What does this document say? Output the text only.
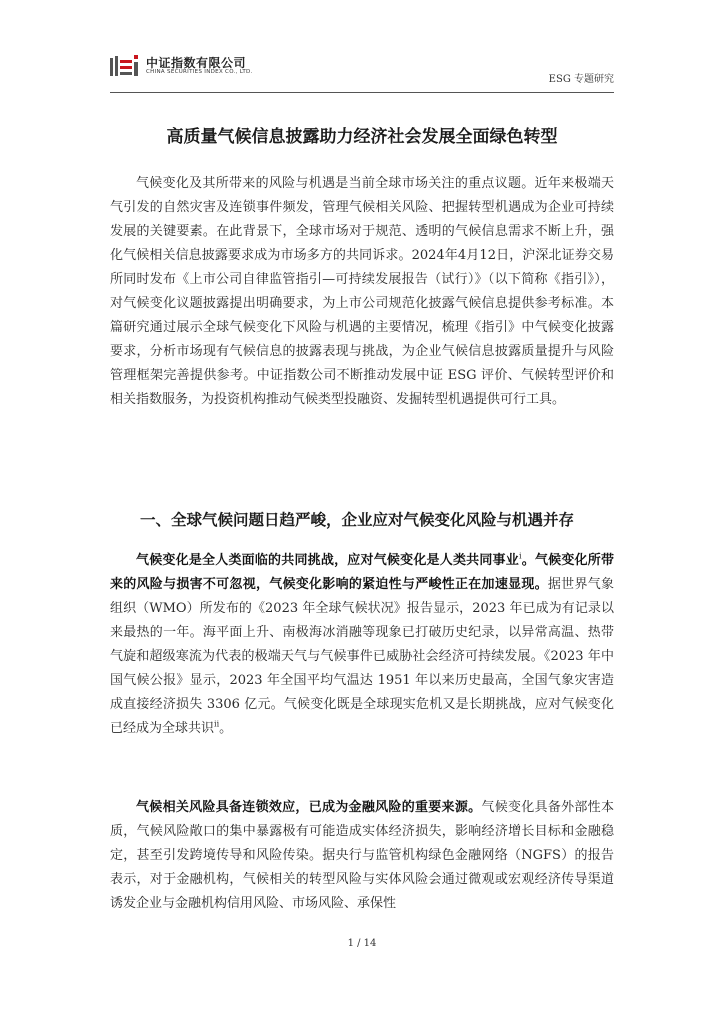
中证指数有限公司
CHINA SECURITIES INDEX CO., LTD.
ESG 专题研究
高质量气候信息披露助力经济社会发展全面绿色转型

气候变化及其所带来的风险与机遇是当前全球市场关注的重点议题。近年来极端天气引发的自然灾害及连锁事件频发，管理气候相关风险、把握转型机遇成为企业可持续发展的关键要素。在此背景下，全球市场对于规范、透明的气候信息需求不断上升，强化气候相关信息披露要求成为市场多方的共同诉求。2024年4月12日，沪深北证券交易所同时发布《上市公司自律监管指引—可持续发展报告（试行）》（以下简称《指引》），对气候变化议题披露提出明确要求，为上市公司规范化披露气候信息提供参考标准。本篇研究通过展示全球气候变化下风险与机遇的主要情况，梳理《指引》中气候变化披露要求，分析市场现有气候信息的披露表现与挑战，为企业气候信息披露质量提升与风险管理框架完善提供参考。中证指数公司不断推动发展中证 ESG 评价、气候转型评价和相关指数服务，为投资机构推动气候类型投融资、发掘转型机遇提供可行工具。

一、全球气候问题日趋严峻，企业应对气候变化风险与机遇并存

气候变化是全人类面临的共同挑战，应对气候变化是人类共同事业$^i$。气候变化所带来的风险与损害不可忽视，气候变化影响的紧迫性与严峻性正在加速显现。据世界气象组织（WMO）所发布的《2023 年全球气候状况》报告显示，2023 年已成为有记录以来最热的一年。海平面上升、南极海冰消融等现象已打破历史纪录，以异常高温、热带气旋和超级寒流为代表的极端天气与气候事件已威胁社会经济可持续发展。《2023 年中国气候公报》显示，2023 年全国平均气温达 1951 年以来历史最高，全国气象灾害造成直接经济损失 3306 亿元。气候变化既是全球现实危机又是长期挑战，应对气候变化已经成为全球共识$^{ii}$。

气候相关风险具备连锁效应，已成为金融风险的重要来源。气候变化具备外部性本质，气候风险敞口的集中暴露极有可能造成实体经济损失，影响经济增长目标和金融稳定，甚至引发跨境传导和风险传染。据央行与监管机构绿色金融网络（NGFS）的报告表示，对于金融机构，气候相关的转型风险与实体风险会通过微观或宏观经济传导渠道诱发企业与金融机构信用风险、市场风险、承保性

1 / 14
